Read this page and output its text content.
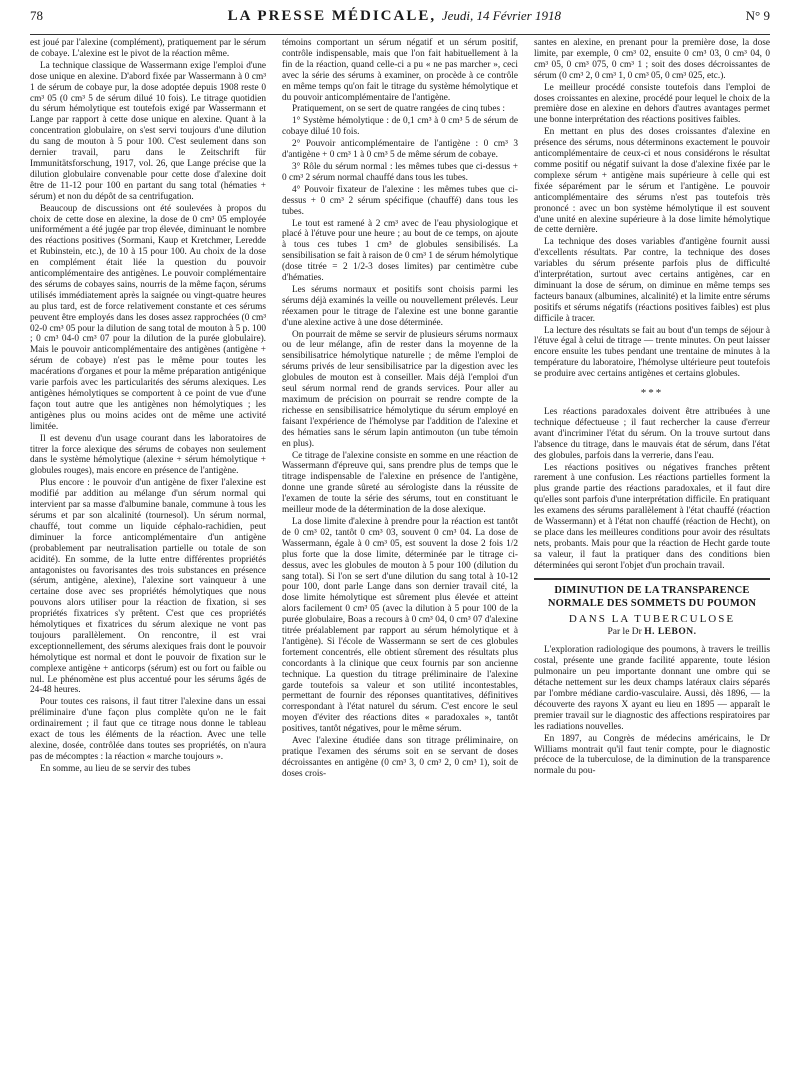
78	LA PRESSE MÉDICALE, Jeudi, 14 Février 1918	N° 9

est joué par l'alexine (complément), pratiquement par le sérum de cobaye. L'alexine est le pivot de la réaction même.

La technique classique de Wassermann exige l'emploi d'une dose unique en alexine. D'abord fixée par Wassermann à 0 cm³ 1 de sérum de cobaye pur, la dose adoptée depuis 1908 reste 0 cm³ 05 (0 cm³ 5 de sérum dilué 10 fois). Le titrage quotidien du sérum hémolytique est toutefois exigé par Wassermann et Lange par rapport à cette dose unique en alexine. Quant à la concentration globulaire, on s'est servi toujours d'une dilution du sang de mouton à 5 pour 100. C'est seulement dans son dernier travail, paru dans le Zeitschrift für Immunitätsforschung, 1917, vol. 26, que Lange précise que la dilution globulaire convenable pour cette dose d'alexine doit être de 11-12 pour 100 en partant du sang total (hématies + sérum) et non du dépôt de sa centrifugation.

Beaucoup de discussions ont été soulevées à propos du choix de cette dose en alexine, la dose de 0 cm³ 05 employée uniformément a été jugée par trop élevée, diminuant le nombre des réactions positives (Sormani, Kaup et Kretchmer, Leredde et Rubinstein, etc.), de 10 à 15 pour 100. Au choix de la dose en complément était liée la question du pouvoir anticomplémentaire des antigènes. Le pouvoir complémentaire des sérums de cobayes sains, nourris de la même façon, sérums utilisés immédiatement après la saignée ou vingt-quatre heures au plus tard, est de force relativement constante et ces sérums peuvent être employés dans les doses assez rapprochées (0 cm³ 02-0 cm³ 05 pour la dilution de sang total de mouton à 5 p. 100 ; 0 cm³ 04-0 cm³ 07 pour la dilution de la purée globulaire). Mais le pouvoir anticomplémentaire des antigènes (antigène + sérum de cobaye) n'est pas le même pour toutes les macérations d'organes et pour la même préparation antigénique varie parfois avec les particularités des sérums alexiques. Les antigènes hémolytiques se comportent à ce point de vue d'une façon tout autre que les antigènes non hémolytiques ; les antigènes plus ou moins acides ont de même une activité limitée.

Il est devenu d'un usage courant dans les laboratoires de titrer la force alexique des sérums de cobayes non seulement dans le système hémolytique (alexine + sérum hémolytique + globules rouges), mais encore en présence de l'antigène.

Plus encore : le pouvoir d'un antigène de fixer l'alexine est modifié par addition au mélange d'un sérum normal qui intervient par sa masse d'albumine banale, commune à tous les sérums et par son alcalinité (tournesol). Un sérum normal, chauffé, tout comme un liquide céphalo-rachidien, peut diminuer la force anticomplémentaire d'un antigène (probablement par neutralisation partielle ou totale de son acidité). En somme, de la lutte entre différentes propriétés antagonistes ou favorisantes des trois substances en présence (sérum, antigène, alexine), l'alexine sort vainqueur à une certaine dose avec ses propriétés hémolytiques que nous pouvons alors utiliser pour la réaction de fixation, si ses propriétés fixatrices s'y prêtent. C'est que ces propriétés hémolytiques et fixatrices du sérum alexique ne vont pas toujours parallèlement. On rencontre, il est vrai exceptionnellement, des sérums alexiques frais dont le pouvoir hémolytique est normal et dont le pouvoir de fixation sur le complexe antigène + anticorps (sérum) est ou fort ou faible ou nul. Le phénomène est plus accentué pour les sérums âgés de 24-48 heures.

Pour toutes ces raisons, il faut titrer l'alexine dans un essai préliminaire d'une façon plus complète qu'on ne le fait ordinairement ; il faut que ce titrage nous donne le tableau exact de tous les éléments de la réaction. Avec une telle alexine, dosée, contrôlée dans toutes ses propriétés, on n'aura pas de mécomptes : la réaction « marche toujours ».

En somme, au lieu de se servir des tubes

témoins comportant un sérum négatif et un sérum positif, contrôle indispensable, mais que l'on fait habituellement à la fin de la réaction, quand celle-ci a pu « ne pas marcher », ceci avec la série des sérums à examiner, on procède à ce contrôle en même temps qu'on fait le titrage du système hémolytique et du pouvoir anticomplémentaire de l'antigène.

Pratiquement, on se sert de quatre rangées de cinq tubes :

1° Système hémolytique : de 0,1 cm³ à 0 cm³ 5 de sérum de cobaye dilué 10 fois.

2° Pouvoir anticomplémentaire de l'antigène : 0 cm³ 3 d'antigène + 0 cm³ 1 à 0 cm³ 5 de même sérum de cobaye.

3° Rôle du sérum normal : les mêmes tubes que ci-dessus + 0 cm³ 2 sérum normal chauffé dans tous les tubes.

4° Pouvoir fixateur de l'alexine : les mêmes tubes que ci-dessus + 0 cm³ 2 sérum spécifique (chauffé) dans tous les tubes.

Le tout est ramené à 2 cm³ avec de l'eau physiologique et placé à l'étuve pour une heure ; au bout de ce temps, on ajoute à tous ces tubes 1 cm³ de globules sensibilisés. La sensibilisation se fait à raison de 0 cm³ 1 de sérum hémolytique (dose titrée = 2 1/2-3 doses limites) par centimètre cube d'hématies.

Les sérums normaux et positifs sont choisis parmi les sérums déjà examinés la veille ou nouvellement prélevés. Leur réexamen pour le titrage de l'alexine est une bonne garantie d'une alexine active à une dose déterminée.

On pourrait de même se servir de plusieurs sérums normaux ou de leur mélange, afin de rester dans la moyenne de la sensibilisatrice hémolytique naturelle ; de même l'emploi de sérums privés de leur sensibilisatrice par la digestion avec les globules de mouton est à conseiller. Mais déjà l'emploi d'un seul sérum normal rend de grands services. Pour aller au maximum de précision on pourrait se rendre compte de la richesse en sensibilisatrice hémolytique du sérum employé en faisant l'expérience de l'hémolyse par l'addition de l'alexine et des hématies sans le sérum lapin antimouton (un tube témoin en plus).

Ce titrage de l'alexine consiste en somme en une réaction de Wassermann d'épreuve qui, sans prendre plus de temps que le titrage indispensable de l'alexine en présence de l'antigène, donne une grande sûreté au sérologiste dans la réussite de l'examen de toute la série des sérums, tout en constituant le meilleur mode de la détermination de la dose alexique.

La dose limite d'alexine à prendre pour la réaction est tantôt de 0 cm³ 02, tantôt 0 cm³ 03, souvent 0 cm³ 04. La dose de Wassermann, égale à 0 cm³ 05, est souvent la dose 2 fois 1/2 plus forte que la dose limite, déterminée par le titrage ci-dessus, avec les globules de mouton à 5 pour 100 (dilution du sang total). Si l'on se sert d'une dilution du sang total à 10-12 pour 100, dont parle Lange dans son dernier travail cité, la dose limite hémolytique est sûrement plus élevée et atteint alors facilement 0 cm³ 05 (avec la dilution à 5 pour 100 de la purée globulaire, Boas a recours à 0 cm³ 04, 0 cm³ 07 d'alexine titrée préalablement par rapport au sérum hémolytique et à l'antigène). Si l'école de Wassermann se sert de ces globules fortement concentrés, elle obtient sûrement des résultats plus concordants à la clinique que ceux fournis par son ancienne technique. La question du titrage préliminaire de l'alexine garde toutefois sa valeur et son utilité incontestables, permettant de fournir des réponses quantitatives, définitives correspondant à l'état naturel du sérum. C'est encore le seul moyen d'éviter des réactions dites « paradoxales », tantôt positives, tantôt négatives, pour le même sérum.

Avec l'alexine étudiée dans son titrage préliminaire, on pratique l'examen des sérums soit en se servant de doses décroissantes en antigène (0 cm³ 3, 0 cm³ 2, 0 cm³ 1), soit de doses crois-

santes en alexine, en prenant pour la première dose, la dose limite, par exemple, 0 cm³ 02, ensuite 0 cm³ 03, 0 cm³ 04, 0 cm³ 05, 0 cm³ 075, 0 cm³ 1 ; soit des doses décroissantes de sérum (0 cm³ 2, 0 cm³ 1, 0 cm³ 05, 0 cm³ 025, etc.).

Le meilleur procédé consiste toutefois dans l'emploi de doses croissantes en alexine, procédé pour lequel le choix de la première dose en alexine en dehors d'autres avantages permet une bonne interprétation des réactions positives faibles.

En mettant en plus des doses croissantes d'alexine en présence des sérums, nous déterminons exactement le pouvoir anticomplémentaire de ceux-ci et nous considérons le résultat comme positif ou négatif suivant la dose d'alexine fixée par le complexe sérum + antigène mais supérieure à celle qui est fixée séparément par le sérum et l'antigène. Le pouvoir anticomplémentaire des sérums n'est pas toutefois très prononcé : avec un bon système hémolytique il est souvent d'une unité en alexine supérieure à la dose limite hémolytique de cette dernière.

La technique des doses variables d'antigène fournit aussi d'excellents résultats. Par contre, la technique des doses variables du sérum présente parfois plus de difficulté d'interprétation, surtout avec certains antigènes, car en diminuant la dose de sérum, on diminue en même temps ses facteurs banaux (albumines, alcalinité) et la limite entre sérums positifs et sérums négatifs (réactions positives faibles) est plus difficile à tracer.

La lecture des résultats se fait au bout d'un temps de séjour à l'étuve égal à celui de titrage — trente minutes. On peut laisser encore ensuite les tubes pendant une trentaine de minutes à la température du laboratoire, l'hémolyse ultérieure peut toutefois se produire avec certains antigènes et certains globules.

***

Les réactions paradoxales doivent être attribuées à une technique défectueuse ; il faut rechercher la cause d'erreur avant d'incriminer l'état du sérum. On la trouve surtout dans l'absence du titrage, dans le mauvais état de sérum, dans l'état des globules, parfois dans la verrerie, dans l'eau.

Les réactions positives ou négatives franches prêtent rarement à une confusion. Les réactions partielles forment la plus grande partie des réactions paradoxales, et il faut dire qu'elles sont parfois d'une interprétation difficile. En pratiquant les examens des sérums parallèlement à l'état chauffé (réaction de Wassermann) et à l'état non chauffé (réaction de Hecht), on se place dans les meilleures conditions pour avoir des résultats nets, probants. Mais pour que la réaction de Hecht garde toute sa valeur, il faut la pratiquer dans des conditions bien déterminées qui seront l'objet d'un prochain travail.

DIMINUTION DE LA TRANSPARENCE NORMALE DES SOMMETS DU POUMON
DANS LA TUBERCULOSE
Par le Dr H. LEBON.

L'exploration radiologique des poumons, à travers le treillis costal, présente une grande facilité apparente, toute lésion pulmonaire un peu importante donnant une ombre qui se détache nettement sur les deux champs latéraux clairs séparés par l'ombre médiane cardio-vasculaire. Aussi, dès 1896, — la découverte des rayons X ayant eu lieu en 1895 — apparaît le premier travail sur le diagnostic des affections respiratoires par les radiations nouvelles.

En 1897, au Congrès de médecins américains, le Dr Williams montrait qu'il faut tenir compte, pour le diagnostic précoce de la tuberculose, de la diminution de la transparence normale du pou-
